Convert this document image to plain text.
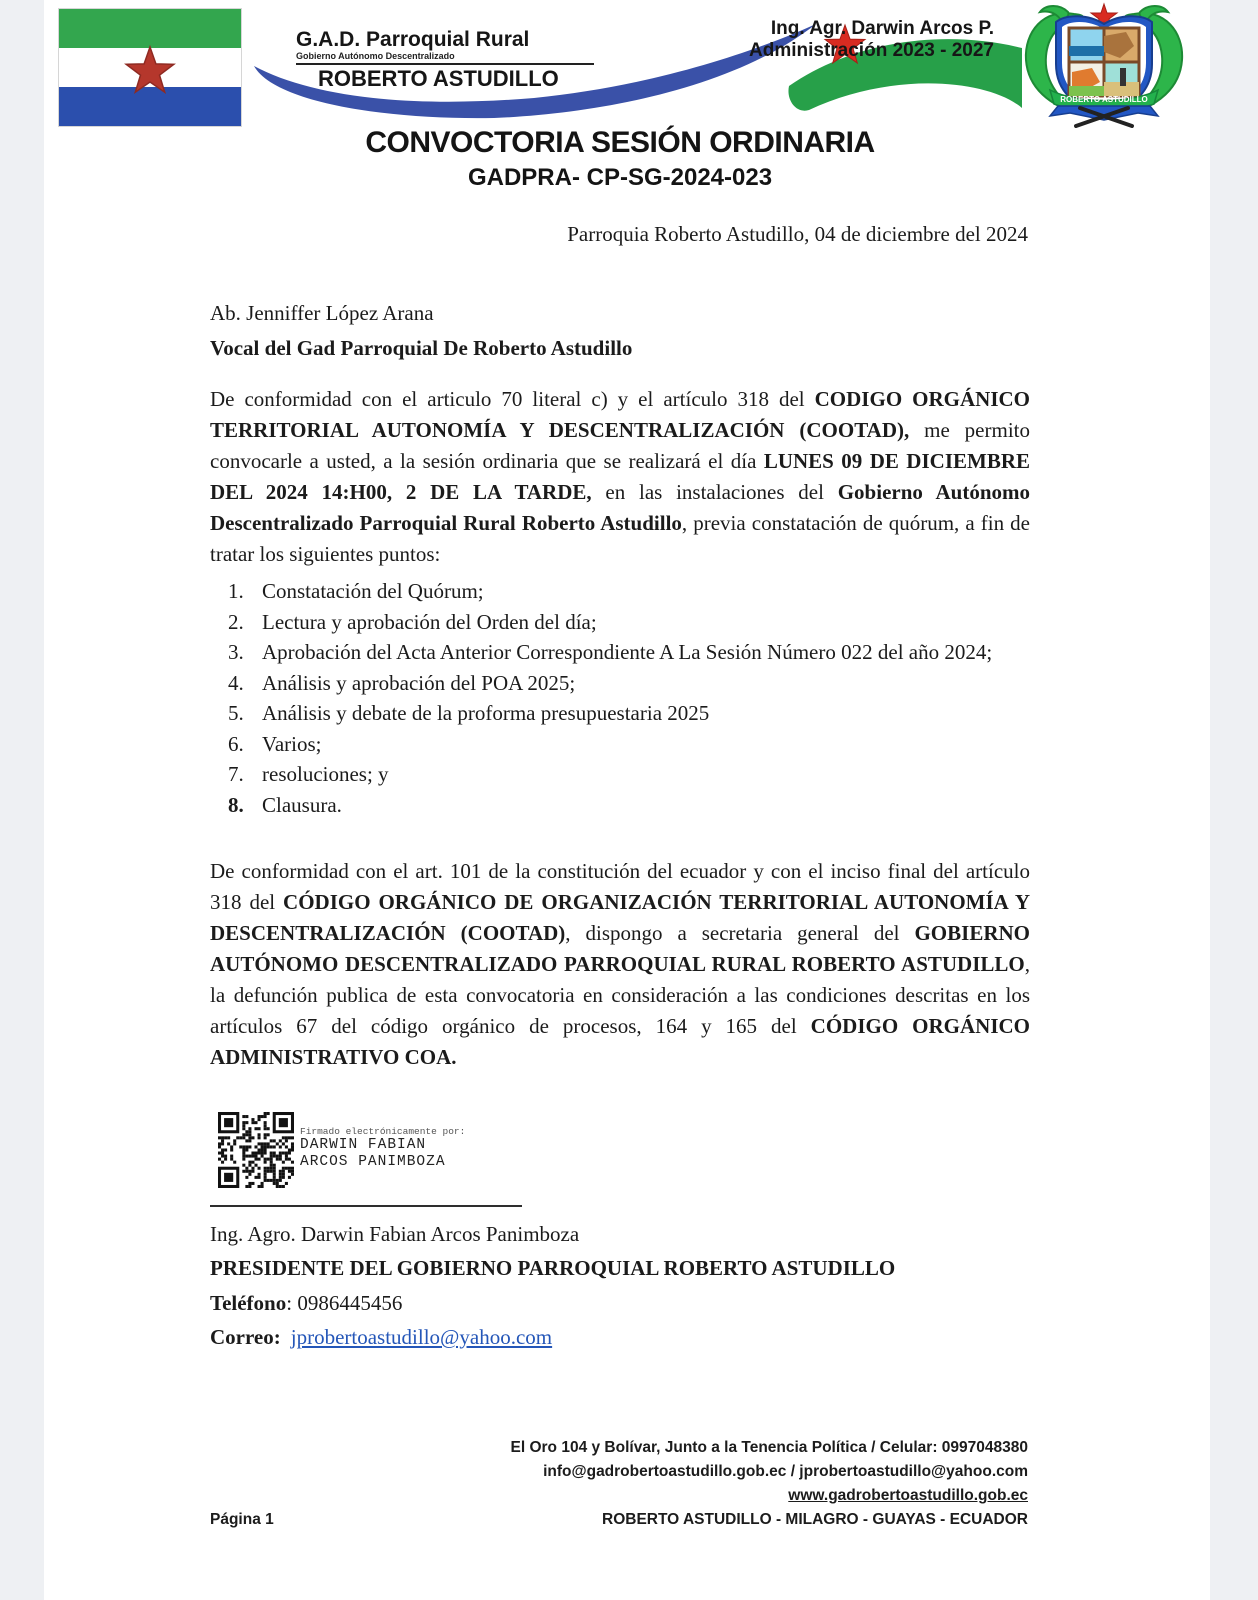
G.A.D. Parroquial Rural
Gobierno Autónomo Descentralizado
ROBERTO ASTUDILLO
Ing. Agr. Darwin Arcos P.
Administración 2023 - 2027
ROBERTO ASTUDILLO
CONVOCTORIA SESIÓN ORDINARIA
GADPRA- CP-SG-2024-023
Parroquia Roberto Astudillo, 04 de diciembre del 2024
Ab. Jenniffer López Arana
Vocal del Gad Parroquial De Roberto Astudillo
De conformidad con el articulo 70 literal c) y el artículo 318 del CODIGO ORGÁNICO TERRITORIAL AUTONOMÍA Y DESCENTRALIZACIÓN (COOTAD), me permito convocarle a usted, a la sesión ordinaria que se realizará el día LUNES 09 DE DICIEMBRE DEL 2024 14:H00, 2 DE LA TARDE, en las instalaciones del Gobierno Autónomo Descentralizado Parroquial Rural Roberto Astudillo, previa constatación de quórum, a fin de tratar los siguientes puntos:
1. Constatación del Quórum;
2. Lectura y aprobación del Orden del día;
3. Aprobación del Acta Anterior Correspondiente A La Sesión Número 022 del año 2024;
4. Análisis y aprobación del POA 2025;
5. Análisis y debate de la proforma presupuestaria 2025
6. Varios;
7. resoluciones; y
8. Clausura.
De conformidad con el art. 101 de la constitución del ecuador y con el inciso final del artículo 318 del CÓDIGO ORGÁNICO DE ORGANIZACIÓN TERRITORIAL AUTONOMÍA Y DESCENTRALIZACIÓN (COOTAD), dispongo a secretaria general del GOBIERNO AUTÓNOMO DESCENTRALIZADO PARROQUIAL RURAL ROBERTO ASTUDILLO, la defunción publica de esta convocatoria en consideración a las condiciones descritas en los artículos 67 del código orgánico de procesos, 164 y 165 del CÓDIGO ORGÁNICO ADMINISTRATIVO COA.
Firmado electrónicamente por:
DARWIN FABIAN
ARCOS PANIMBOZA
Ing. Agro. Darwin Fabian Arcos Panimboza
PRESIDENTE DEL GOBIERNO PARROQUIAL ROBERTO ASTUDILLO
Teléfono: 0986445456
Correo: jprobertoastudillo@yahoo.com
El Oro 104 y Bolívar, Junto a la Tenencia Política / Celular: 0997048380
info@gadrobertoastudillo.gob.ec / jprobertoastudillo@yahoo.com
www.gadrobertoastudillo.gob.ec
ROBERTO ASTUDILLO - MILAGRO - GUAYAS - ECUADOR
Página 1
